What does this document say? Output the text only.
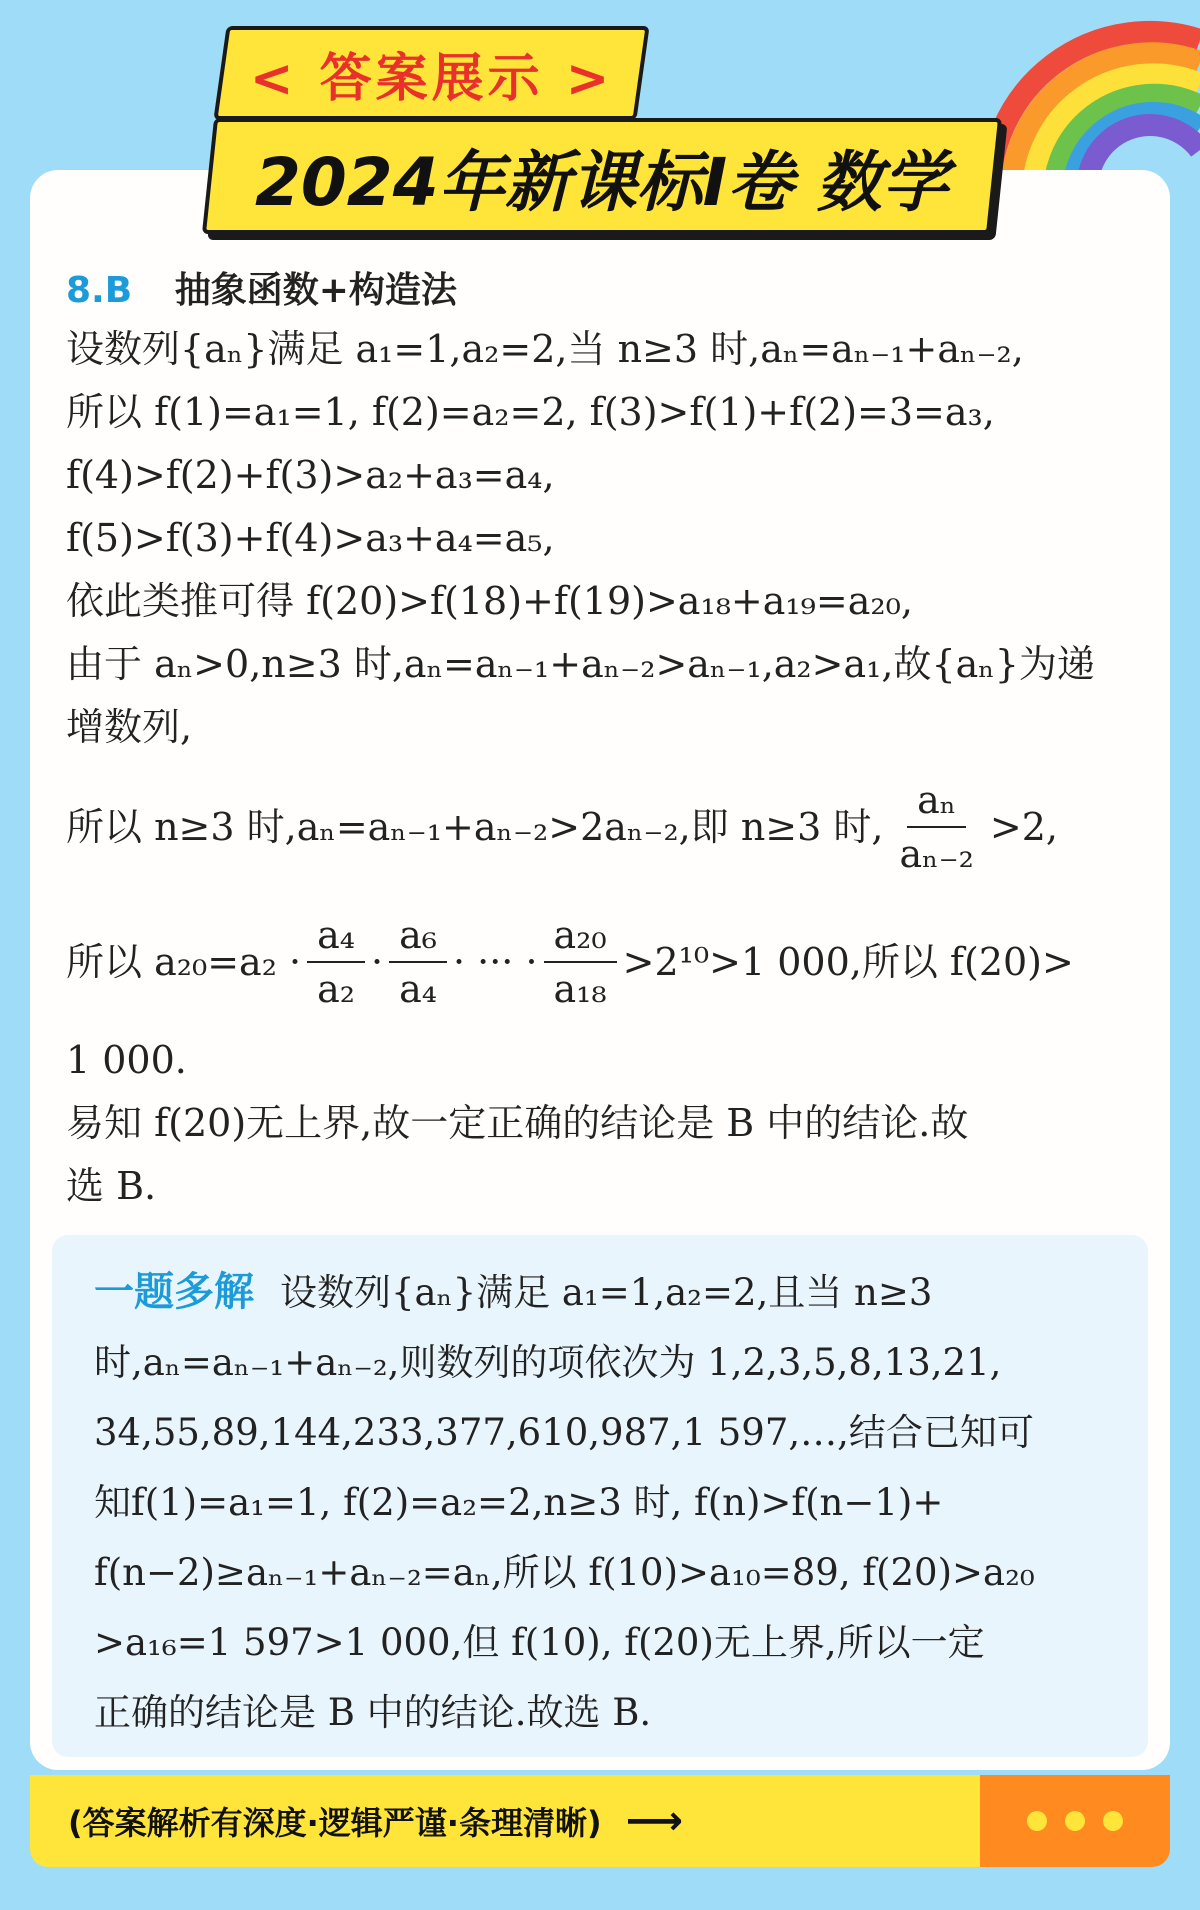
< 答案展示 >
2024年新课标I卷 数学
8.B 抽象函数+构造法
设数列{aₙ}满足 a₁=1,a₂=2,当 n≥3 时,aₙ=aₙ₋₁+aₙ₋₂,
所以 f(1)=a₁=1, f(2)=a₂=2, f(3)>f(1)+f(2)=3=a₃,
f(4)>f(2)+f(3)>a₂+a₃=a₄,
f(5)>f(3)+f(4)>a₃+a₄=a₅,
依此类推可得 f(20)>f(18)+f(19)>a₁₈+a₁₉=a₂₀,
由于 aₙ>0,n≥3 时,aₙ=aₙ₋₁+aₙ₋₂>aₙ₋₁,a₂>a₁,故{aₙ}为递
增数列,
所以 n≥3 时,aₙ=aₙ₋₁+aₙ₋₂>2aₙ₋₂,即 n≥3 时, $\frac{\text{aₙ}}{\text{aₙ₋₂}} >2$,
所以 $a_{20}=a_2 \cdot \frac{\text{a₄}}{\text{a₂}} \cdot \frac{\text{a₆}}{\text{a₄}}$ · ··· · $\frac{\text{a₂₀}}{\text{a₁₈}} >2^{10}>1$ 000,所以 f(20)>
1 000.
易知 f(20)无上界,故一定正确的结论是 B 中的结论.故
选 B.
一题多解 设数列{aₙ}满足 a₁=1,a₂=2,且当 n≥3
时,aₙ=aₙ₋₁+aₙ₋₂,则数列的项依次为 1,2,3,5,8,13,21,
34,55,89,144,233,377,610,987,1 597,…,结合已知可
知f(1)=a₁=1, f(2)=a₂=2,n≥3 时, f(n)>f(n−1)+
f(n−2)≥aₙ₋₁+aₙ₋₂=aₙ,所以 f(10)>a₁₀=89, f(20)>a₂₀
>a₁₆=1 597>1 000,但 f(10), f(20)无上界,所以一定
正确的结论是 B 中的结论.故选 B.
(答案解析有深度·逻辑严谨·条理清晰) ⟶
